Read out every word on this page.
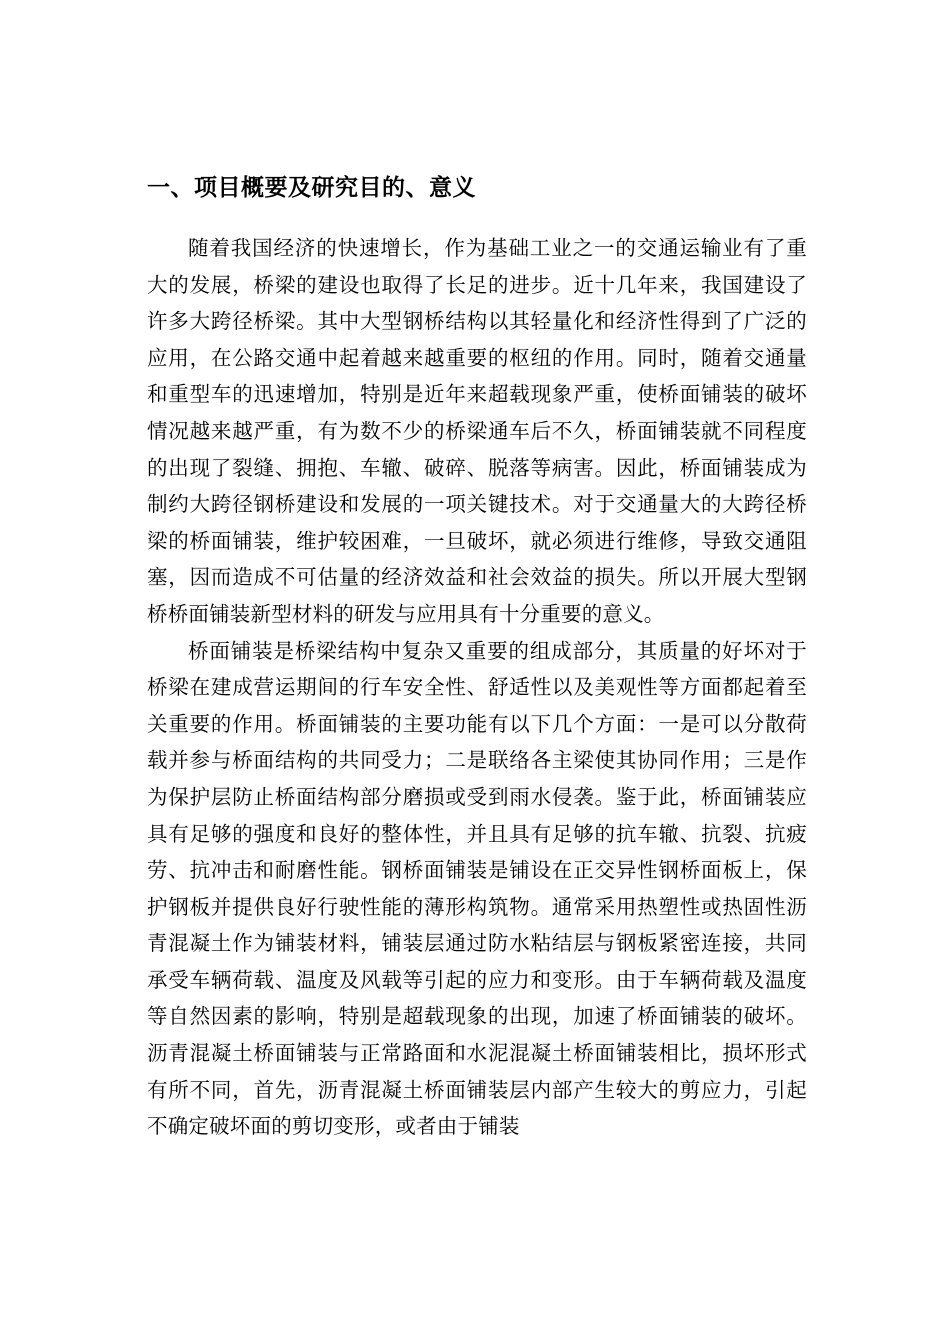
一、项目概要及研究目的、意义

随着我国经济的快速增长，作为基础工业之一的交通运输业有了重大的发展，桥梁的建设也取得了长足的进步。近十几年来，我国建设了许多大跨径桥梁。其中大型钢桥结构以其轻量化和经济性得到了广泛的应用，在公路交通中起着越来越重要的枢纽的作用。同时，随着交通量和重型车的迅速增加，特别是近年来超载现象严重，使桥面铺装的破坏情况越来越严重，有为数不少的桥梁通车后不久，桥面铺装就不同程度的出现了裂缝、拥抱、车辙、破碎、脱落等病害。因此，桥面铺装成为制约大跨径钢桥建设和发展的一项关键技术。对于交通量大的大跨径桥梁的桥面铺装，维护较困难，一旦破坏，就必须进行维修，导致交通阻塞，因而造成不可估量的经济效益和社会效益的损失。所以开展大型钢桥桥面铺装新型材料的研发与应用具有十分重要的意义。

桥面铺装是桥梁结构中复杂又重要的组成部分，其质量的好坏对于桥梁在建成营运期间的行车安全性、舒适性以及美观性等方面都起着至关重要的作用。桥面铺装的主要功能有以下几个方面：一是可以分散荷载并参与桥面结构的共同受力；二是联络各主梁使其协同作用；三是作为保护层防止桥面结构部分磨损或受到雨水侵袭。鉴于此，桥面铺装应具有足够的强度和良好的整体性，并且具有足够的抗车辙、抗裂、抗疲劳、抗冲击和耐磨性能。钢桥面铺装是铺设在正交异性钢桥面板上，保护钢板并提供良好行驶性能的薄形构筑物。通常采用热塑性或热固性沥青混凝土作为铺装材料，铺装层通过防水粘结层与钢板紧密连接，共同承受车辆荷载、温度及风载等引起的应力和变形。由于车辆荷载及温度等自然因素的影响，特别是超载现象的出现，加速了桥面铺装的破坏。沥青混凝土桥面铺装与正常路面和水泥混凝土桥面铺装相比，损坏形式有所不同，首先，沥青混凝土桥面铺装层内部产生较大的剪应力，引起不确定破坏面的剪切变形，或者由于铺装
